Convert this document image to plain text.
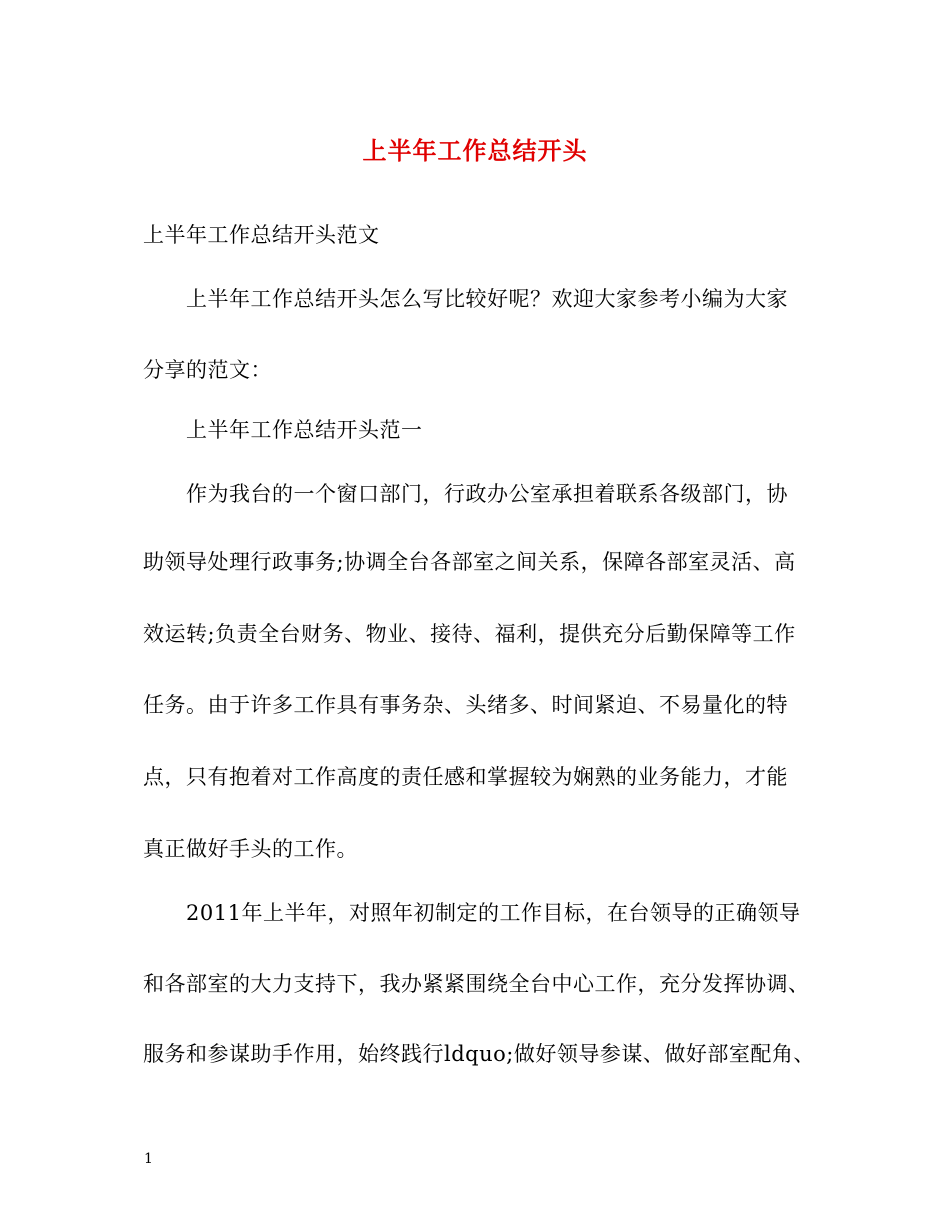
上半年工作总结开头
上半年工作总结开头范文
上半年工作总结开头怎么写比较好呢？欢迎大家参考小编为大家
分享的范文：
上半年工作总结开头范一
作为我台的一个窗口部门，行政办公室承担着联系各级部门，协
助领导处理行政事务;协调全台各部室之间关系，保障各部室灵活、高
效运转;负责全台财务、物业、接待、福利，提供充分后勤保障等工作
任务。由于许多工作具有事务杂、头绪多、时间紧迫、不易量化的特
点，只有抱着对工作高度的责任感和掌握较为娴熟的业务能力，才能
真正做好手头的工作。
2011年上半年，对照年初制定的工作目标，在台领导的正确领导
和各部室的大力支持下，我办紧紧围绕全台中心工作，充分发挥协调、
服务和参谋助手作用，始终践行ldquo;做好领导参谋、做好部室配角、
1
